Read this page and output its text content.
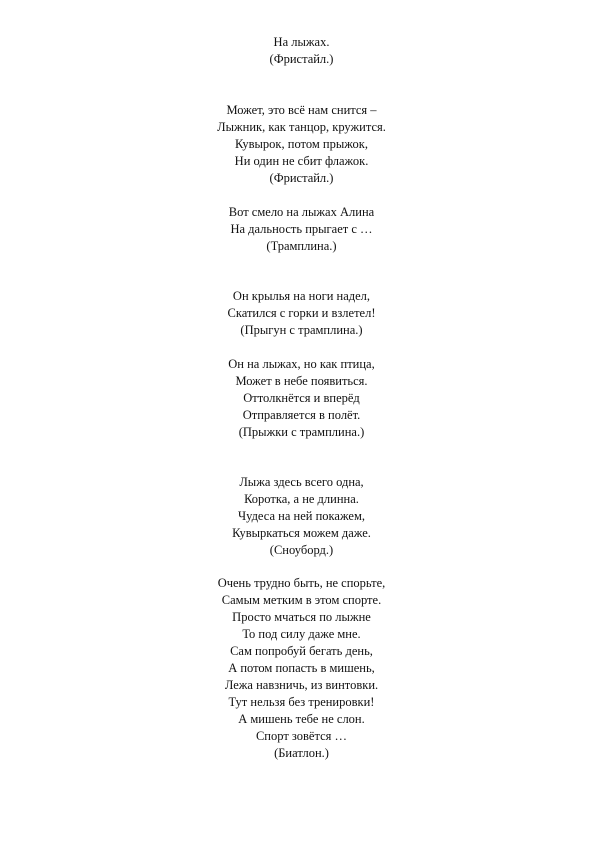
На лыжах.
(Фристайл.)
Может, это всё нам снится –
Лыжник, как танцор, кружится.
Кувырок, потом прыжок,
Ни один не сбит флажок.
(Фристайл.)
Вот смело на лыжах Алина
На дальность прыгает с …
(Трамплина.)
Он крылья на ноги надел,
Скатился с горки и взлетел!
(Прыгун с трамплина.)
Он на лыжах, но как птица,
Может в небе появиться.
Оттолкнётся и вперёд
Отправляется в полёт.
(Прыжки с трамплина.)
Лыжа здесь всего одна,
Коротка, а не длинна.
Чудеса на ней покажем,
Кувыркаться можем даже.
(Сноуборд.)
Очень трудно быть, не спорьте,
Самым метким в этом спорте.
Просто мчаться по лыжне
То под силу даже мне.
Сам попробуй бегать день,
А потом попасть в мишень,
Лежа навзничь, из винтовки.
Тут нельзя без тренировки!
А мишень тебе не слон.
Спорт зовётся …
(Биатлон.)
